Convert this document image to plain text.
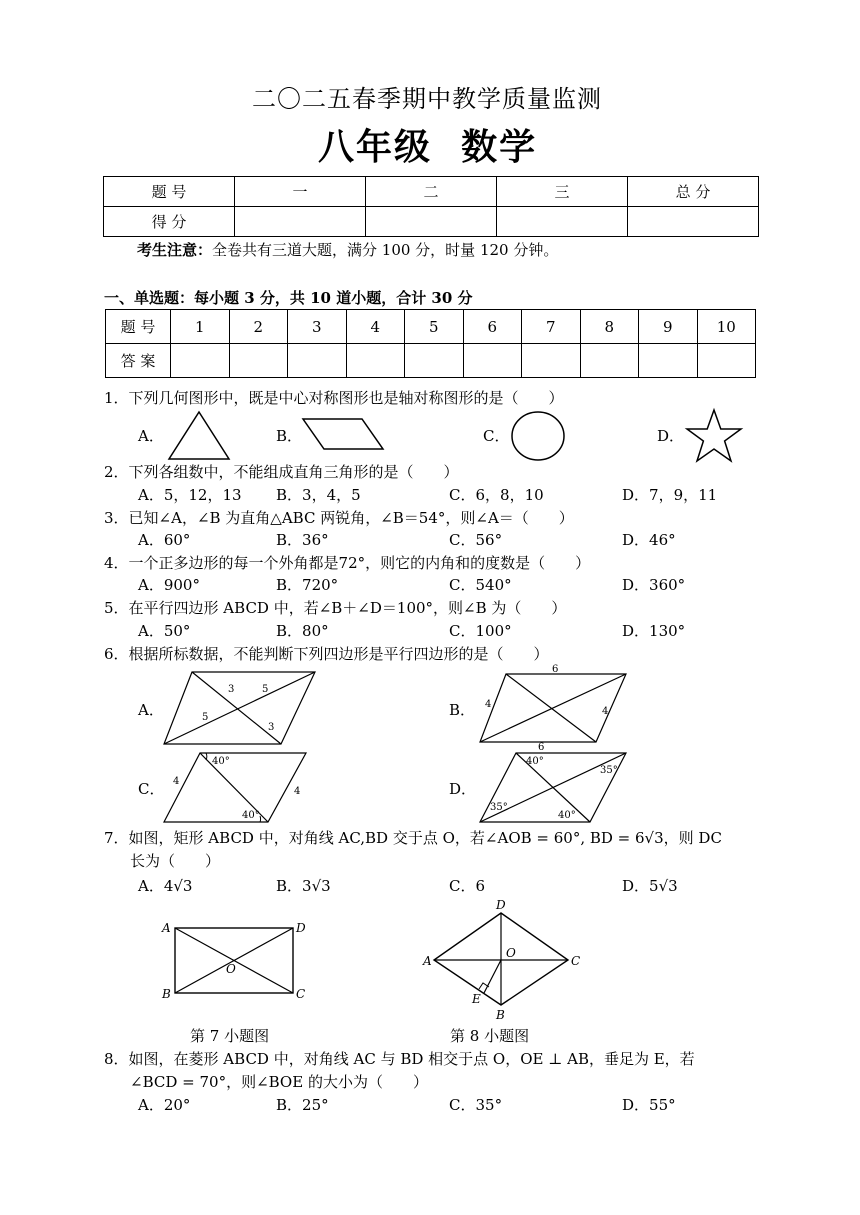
二〇二五春季期中教学质量监测
八年级  数学
题 号	一	二	三	总 分
得 分				
考生注意：全卷共有三道大题，满分 100 分，时量 120 分钟。
一、单选题：每小题 3 分，共 10 道小题，合计 30 分
题 号	1	2	3	4	5	6	7	8	9	10
答 案										
1．下列几何图形中，既是中心对称图形也是轴对称图形的是（　　）
A．	B．	C．	D．
2．下列各组数中，不能组成直角三角形的是（　　）
A．5，12，13 B．3，4，5	C．6，8，10	D．7，9，11
3．已知∠A，∠B 为直角△ABC 两锐角，∠B＝54°，则∠A＝（　　）
A．60°	B．36°	C．56°	D．46°
4．一个正多边形的每一个外角都是72°，则它的内角和的度数是（　　）
A．900°	B．720°	C．540°	D．360°
5．在平行四边形 ABCD 中，若∠B＋∠D＝100°，则∠B 为（　　）
A．50°	B．80°	C．100°	D．130°
6．根据所标数据，不能判断下列四边形是平行四边形的是（　　）
A．	B．
C．	D．
3	5
5
3
6
4
4
40°
4
4
40°
6
40°
35°
35°
40°
7．如图，矩形 ABCD 中，对角线 AC,BD 交于点 O，若∠AOB = 60°, BD = 6√3，则 DC
长为（　　）
A．4√3	B．3√3	C．6	D．5√3
A	D
O
B	C
第 7 小题图
D
A
O
C
E
B
第 8 小题图
8．如图，在菱形 ABCD 中，对角线 AC 与 BD 相交于点 O，OE ⊥ AB，垂足为 E，若
∠BCD = 70°，则∠BOE 的大小为（　　）
A．20°	B．25°	C．35°	D．55°
